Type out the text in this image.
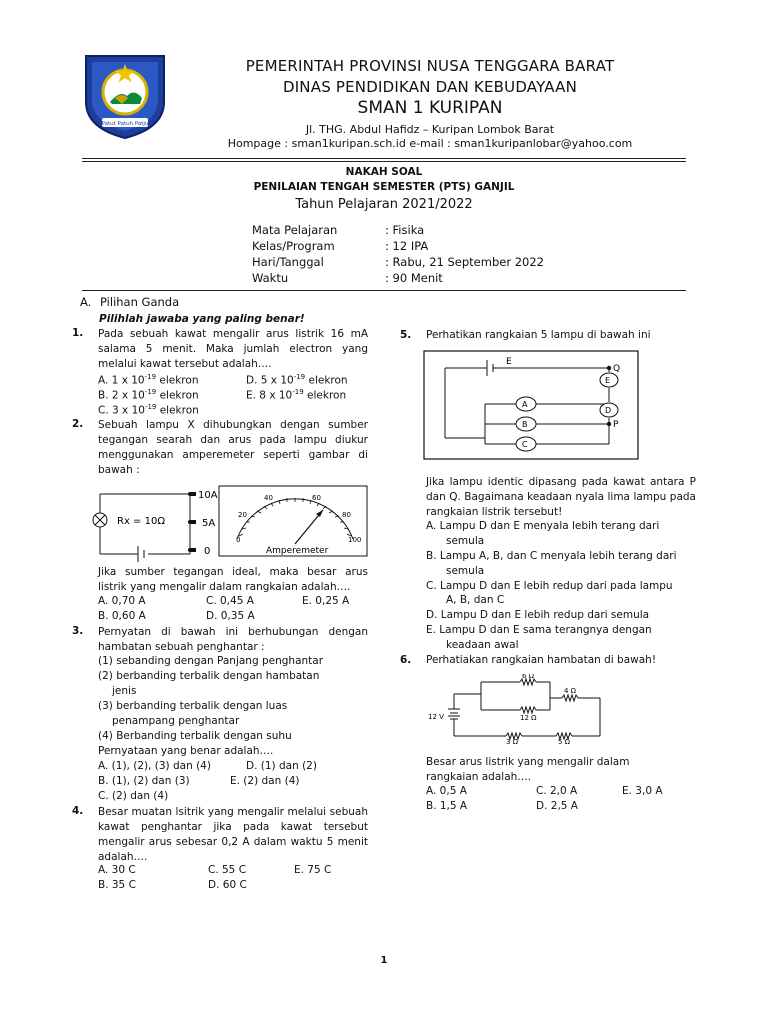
Patut Patuh Patju
PEMERINTAH PROVINSI NUSA TENGGARA BARAT
DINAS PENDIDIKAN DAN KEBUDAYAAN
SMAN 1 KURIPAN
Jl. THG. Abdul Hafidz – Kuripan Lombok Barat
Hompage : sman1kuripan.sch.id e-mail : sman1kuripanlobar@yahoo.com
NAKAH SOAL
PENILAIAN TENGAH SEMESTER (PTS) GANJIL
Tahun Pelajaran 2021/2022
Mata Pelajaran	: Fisika
Kelas/Program	: 12 IPA
Hari/Tanggal	: Rabu, 21 September 2022
Waktu	: 90 Menit
A. Pilihan Ganda
Pilihlah jawaba yang paling benar!
1. Pada sebuah kawat mengalir arus listrik 16 mA salama 5 menit. Maka jumlah electron yang melalui kawat tersebut adalah….
A. 1 x $10^{-19}$ elekron	D. 5 x $10^{-19}$ elekron
B. 2 x $10^{-19}$ elekron	E. 8 x $10^{-19}$ elekron
C. 3 x $10^{-19}$ elekron
2. Sebuah lampu X dihubungkan dengan sumber tegangan searah dan arus pada lampu diukur menggunakan amperemeter seperti gambar di bawah :
Rx = 10Ω
10A
5A
0
0
20
40	60
80
100
Amperemeter
Jika sumber tegangan ideal, maka besar arus listrik yang mengalir dalam rangkaian adalah….
A. 0,70 A	C. 0,45 A	E. 0,25 A
B. 0,60 A	D. 0,35 A
3. Pernyatan di bawah ini berhubungan dengan hambatan sebuah penghantar :
(1) sebanding dengan Panjang penghantar
(2) berbanding terbalik dengan hambatan
jenis
(3) berbanding terbalik dengan luas
penampang penghantar
(4) Berbanding terbalik dengan suhu
Pernyataan yang benar adalah….
A. (1), (2), (3) dan (4)	D. (1) dan (2)
B. (1), (2) dan (3)	E. (2) dan (4)
C. (2) dan (4)
4. Besar muatan lsitrik yang mengalir melalui sebuah kawat penghantar jika pada kawat tersebut mengalir arus sebesar 0,2 A dalam waktu 5 menit adalah….
A. 30 C	C. 55 C	E. 75 C
B. 35 C	D. 60 C
5. Perhatikan rangkaian 5 lampu di bawah ini
E
Q
P
E
D
A
B
C
Jika lampu identic dipasang pada kawat antara P dan Q. Bagaimana keadaan nyala lima lampu pada rangkaian listrik tersebut!
A. Lampu D dan E menyala lebih terang dari
semula
B. Lampu A, B, dan C menyala lebih terang dari
semula
C. Lampu D dan E lebih redup dari pada lampu
A, B, dan C
D. Lampu D dan E lebih redup dari semula
E. Lampu D dan E sama terangnya dengan
keadaan awal
6. Perhatiakan rangkaian hambatan di bawah!
12 V
6 Ω
4 Ω
12 Ω
3 Ω	5 Ω
Besar arus listrik yang mengalir dalam rangkaian adalah….
A. 0,5 A	C. 2,0 A	E. 3,0 A
B. 1,5 A	D. 2,5 A
1
